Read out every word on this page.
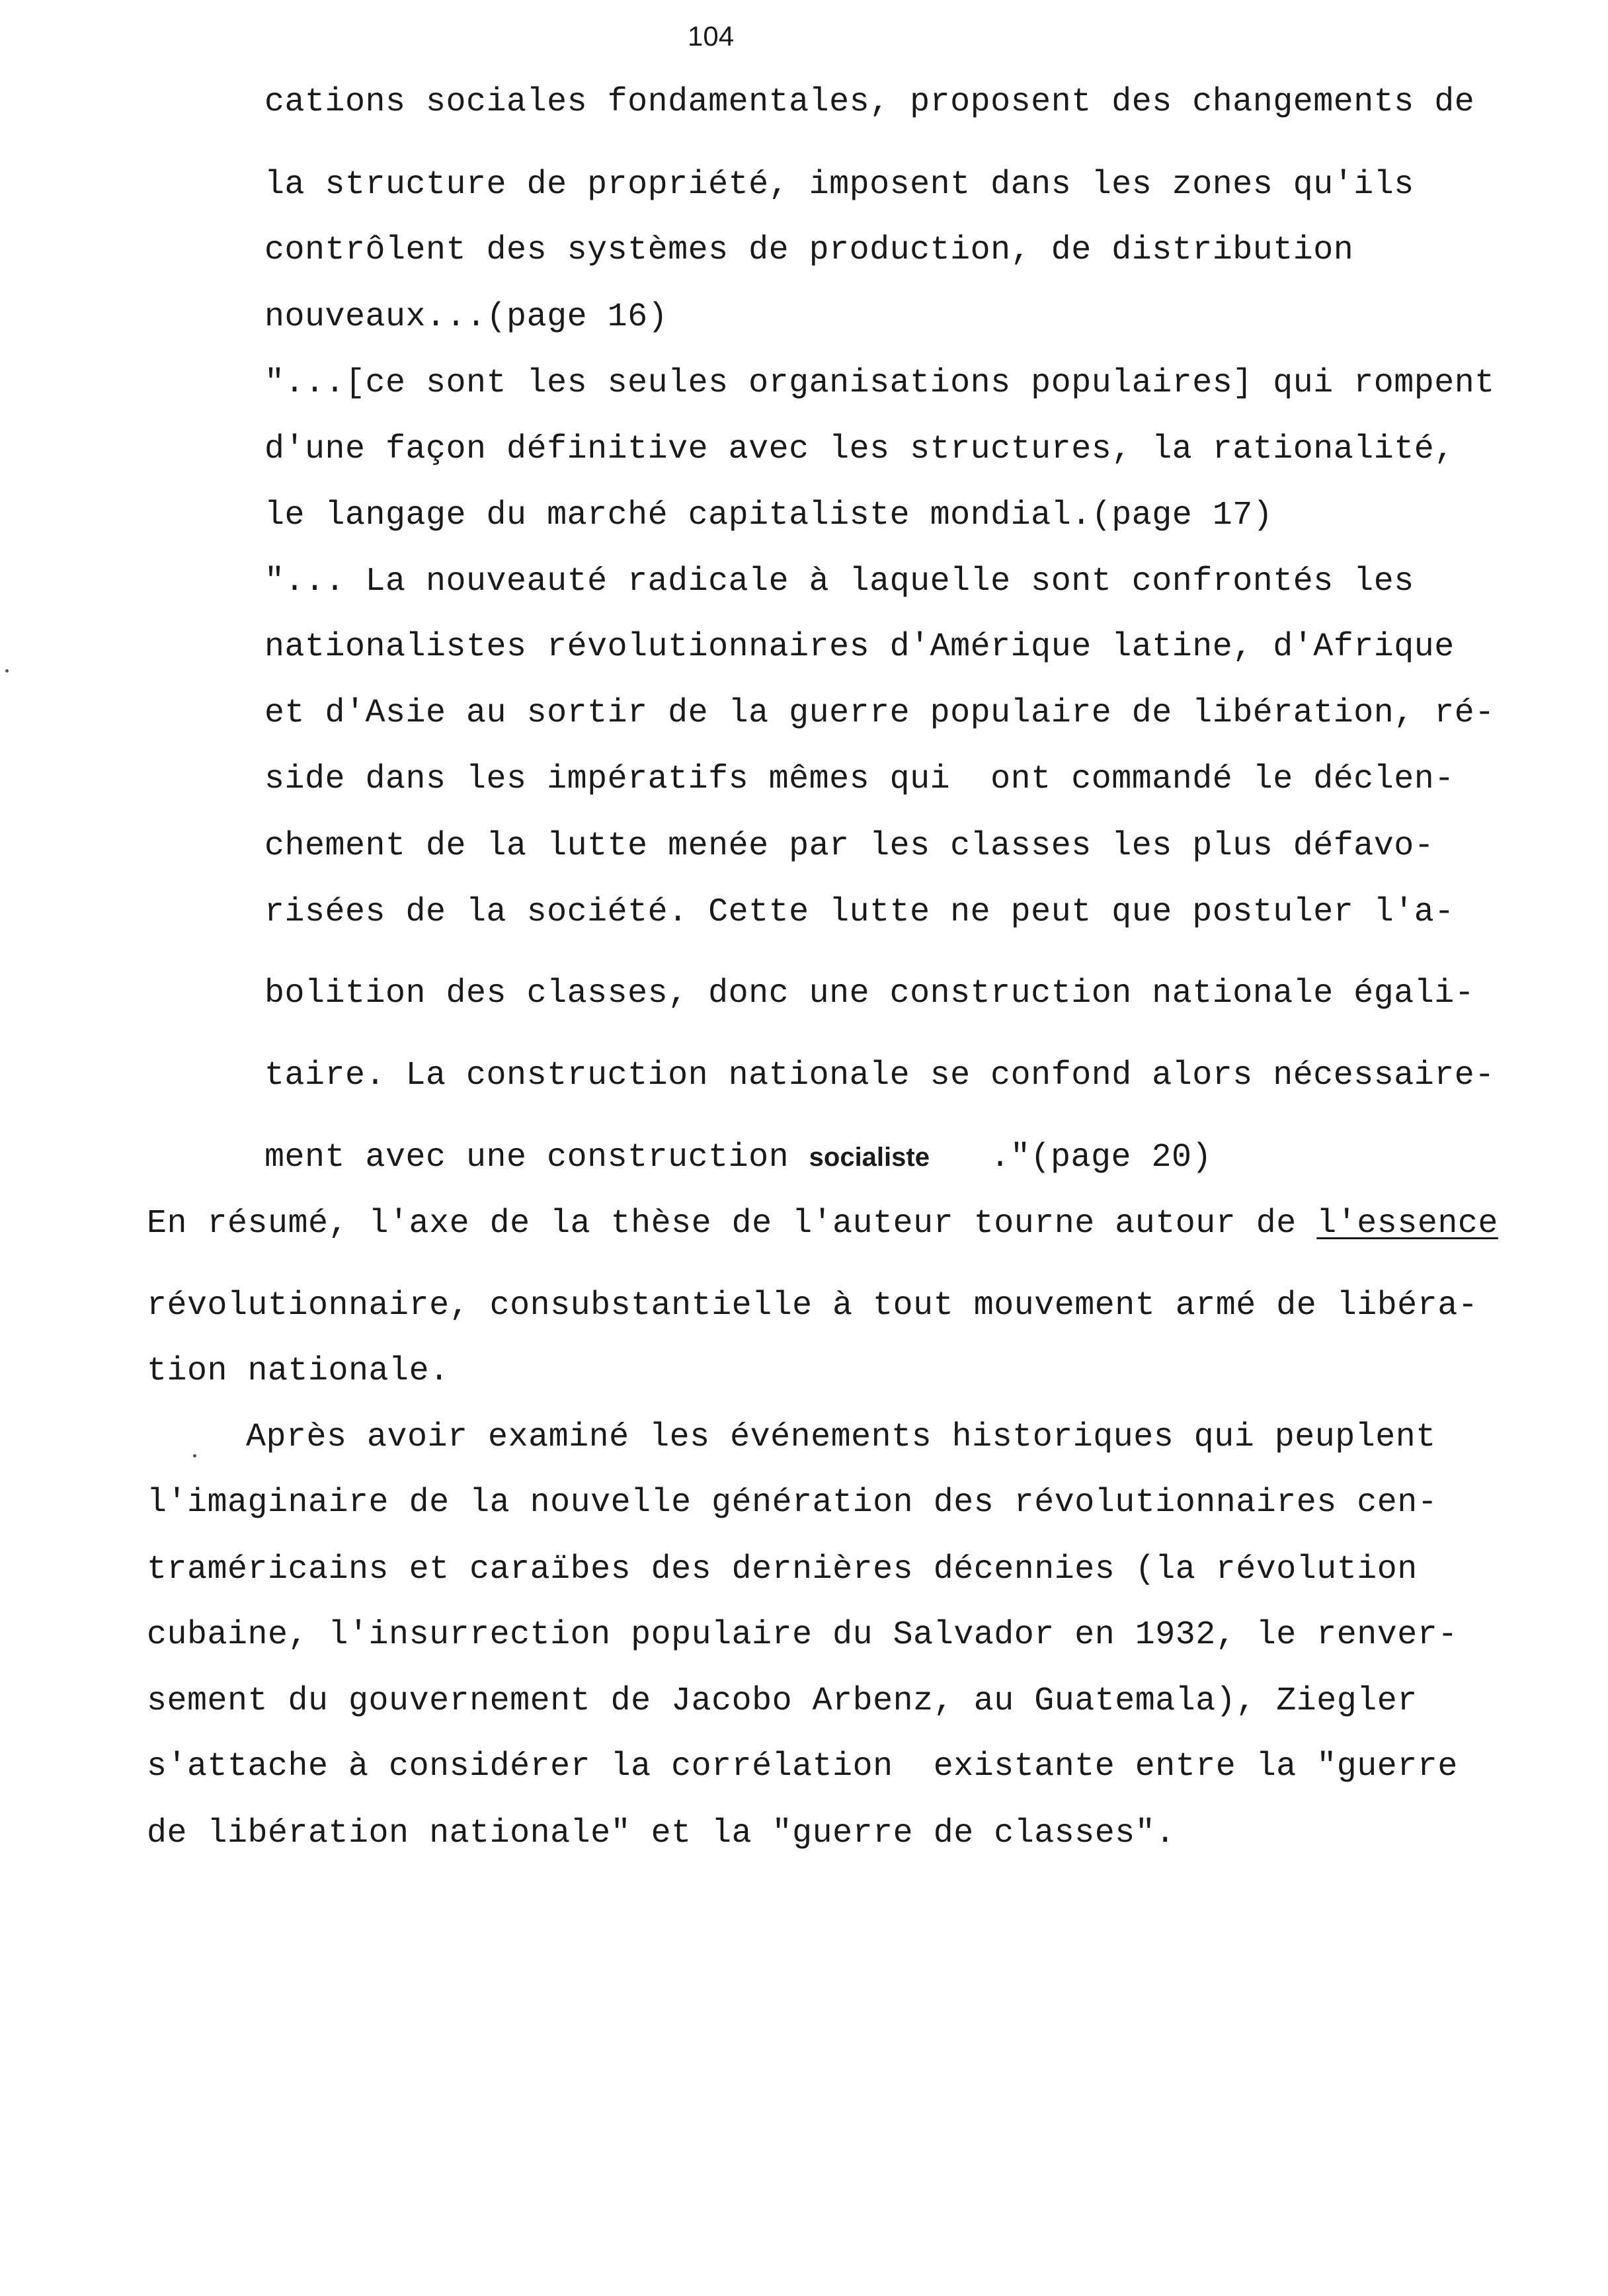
104
cations sociales fondamentales, proposent des changements de
la structure de propriété, imposent dans les zones qu'ils
contrôlent des systèmes de production, de distribution
nouveaux...(page 16)
"...[ce sont les seules organisations populaires] qui rompent
d'une façon définitive avec les structures, la rationalité,
le langage du marché capitaliste mondial.(page 17)
"... La nouveauté radicale à laquelle sont confrontés les
nationalistes révolutionnaires d'Amérique latine, d'Afrique
et d'Asie au sortir de la guerre populaire de libération, ré-
side dans les impératifs mêmes qui  ont commandé le déclen-
chement de la lutte menée par les classes les plus défavo-
risées de la société. Cette lutte ne peut que postuler l'a-
bolition des classes, donc une construction nationale égali-
taire. La construction nationale se confond alors nécessaire-
ment avec une construction socialiste   ."(page 20)
En résumé, l'axe de la thèse de l'auteur tourne autour de l'essence
révolutionnaire, consubstantielle à tout mouvement armé de libéra-
tion nationale.
Après avoir examiné les événements historiques qui peuplent
l'imaginaire de la nouvelle génération des révolutionnaires cen-
traméricains et caraïbes des dernières décennies (la révolution
cubaine, l'insurrection populaire du Salvador en 1932, le renver-
sement du gouvernement de Jacobo Arbenz, au Guatemala), Ziegler
s'attache à considérer la corrélation  existante entre la "guerre
de libération nationale" et la "guerre de classes".
